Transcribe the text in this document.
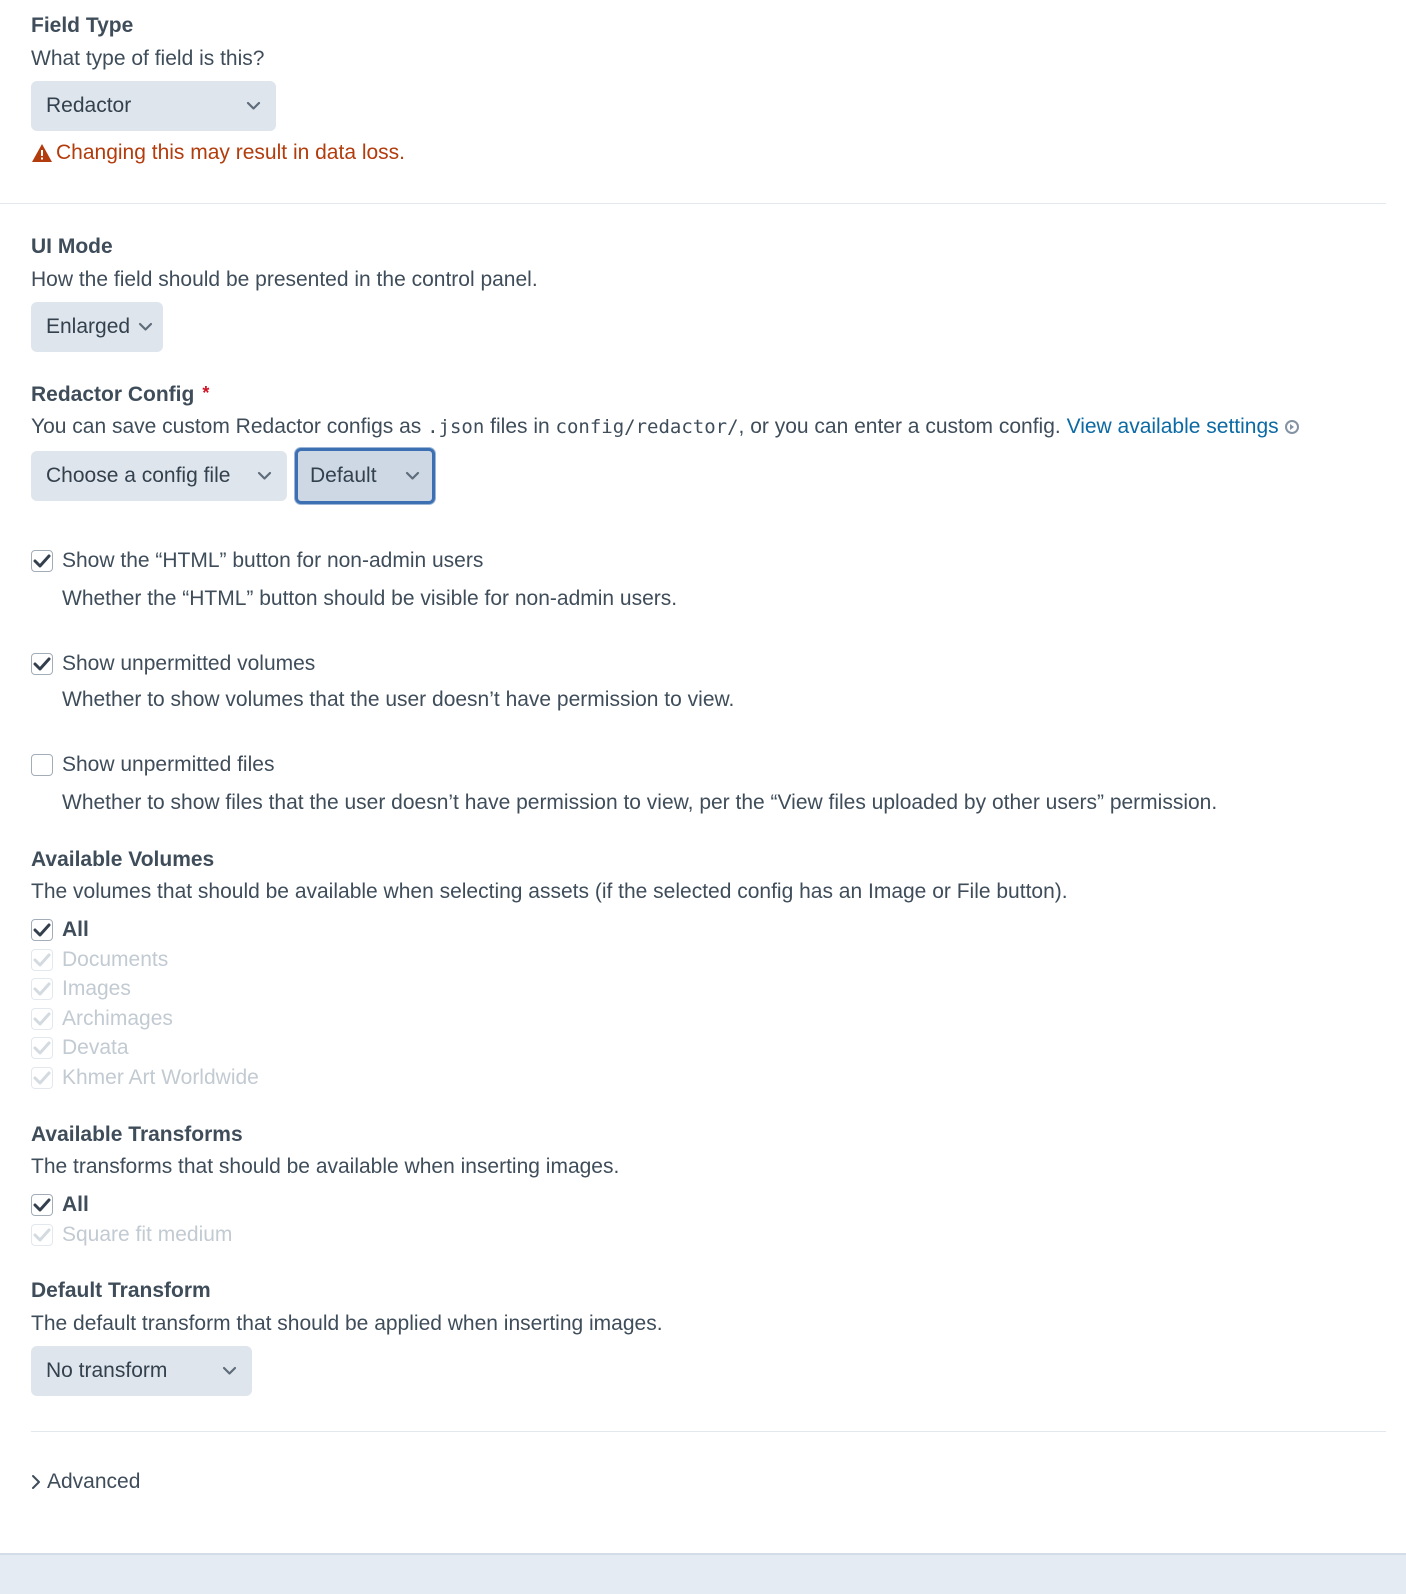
Field Type

What type of field is this?

Redactor
Changing this may result in data loss.
UI Mode

How the field should be presented in the control panel.

Enlarged
Redactor Config *

You can save custom Redactor configs as .json files in config/redactor/, or you can enter a custom config. View available settings

Choose a config file	Default
Show the “HTML” button for non-admin users
Whether the “HTML” button should be visible for non-admin users.
Show unpermitted volumes
Whether to show volumes that the user doesn’t have permission to view.
Show unpermitted files
Whether to show files that the user doesn’t have permission to view, per the “View files uploaded by other users” permission.
Available Volumes

The volumes that should be available when selecting assets (if the selected config has an Image or File button).

All
Documents
Images
Archimages
Devata
Khmer Art Worldwide
Available Transforms

The transforms that should be available when inserting images.

All
Square fit medium
Default Transform

The default transform that should be applied when inserting images.

No transform
Advanced
